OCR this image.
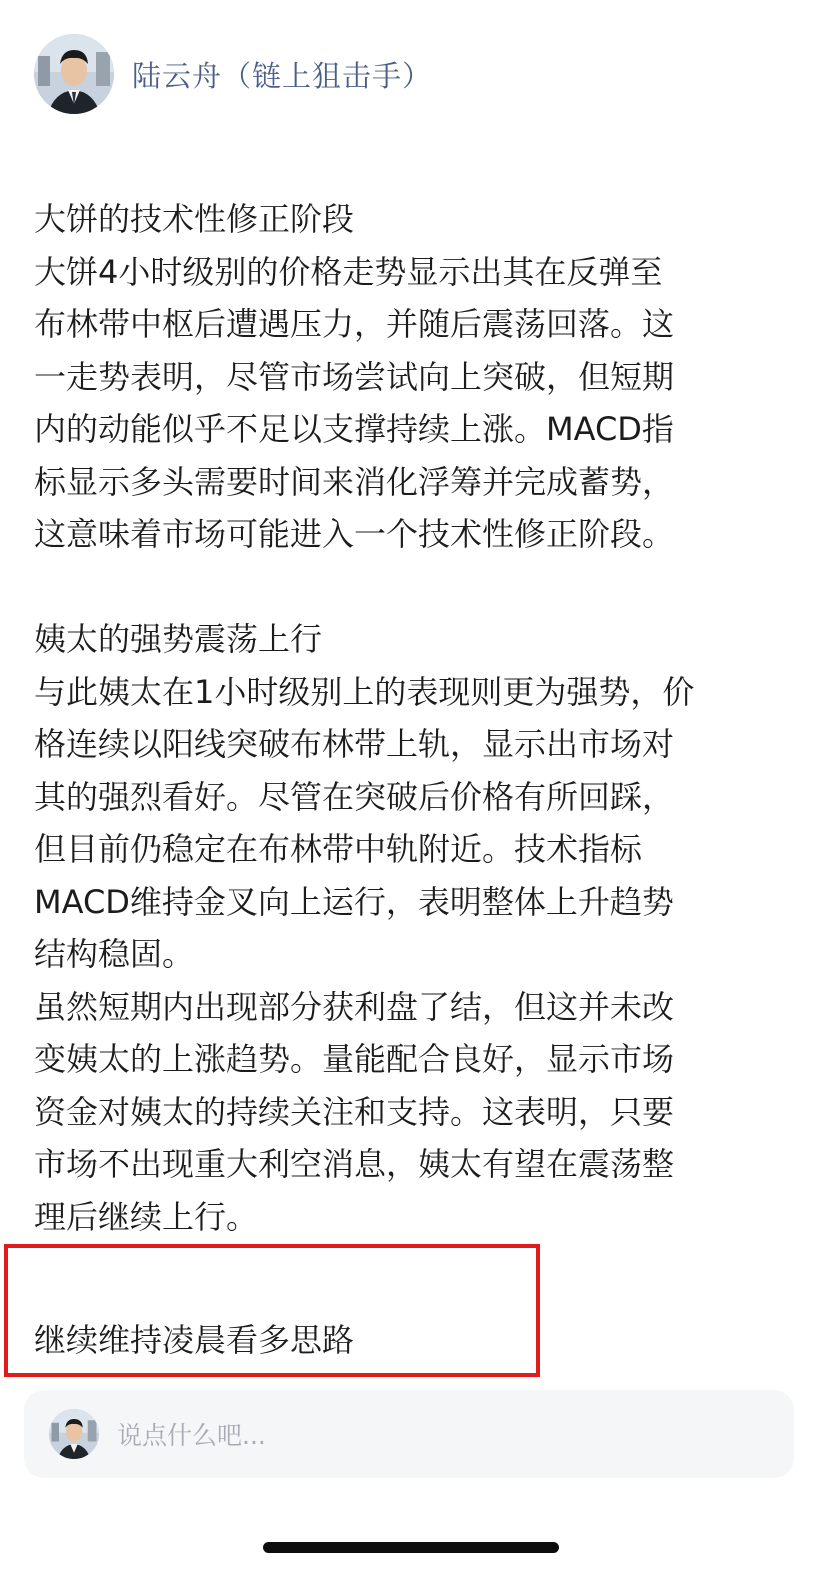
陆云舟（链上狙击手）
大饼的技术性修正阶段
大饼4小时级别的价格走势显示出其在反弹至
布林带中枢后遭遇压力，并随后震荡回落。这
一走势表明，尽管市场尝试向上突破，但短期
内的动能似乎不足以支撑持续上涨。MACD指
标显示多头需要时间来消化浮筹并完成蓄势，
这意味着市场可能进入一个技术性修正阶段。
姨太的强势震荡上行
与此姨太在1小时级别上的表现则更为强势，价
格连续以阳线突破布林带上轨，显示出市场对
其的强烈看好。尽管在突破后价格有所回踩，
但目前仍稳定在布林带中轨附近。技术指标
MACD维持金叉向上运行，表明整体上升趋势
结构稳固。
虽然短期内出现部分获利盘了结，但这并未改
变姨太的上涨趋势。量能配合良好，显示市场
资金对姨太的持续关注和支持。这表明，只要
市场不出现重大利空消息，姨太有望在震荡整
理后继续上行。
继续维持凌晨看多思路
说点什么吧...
